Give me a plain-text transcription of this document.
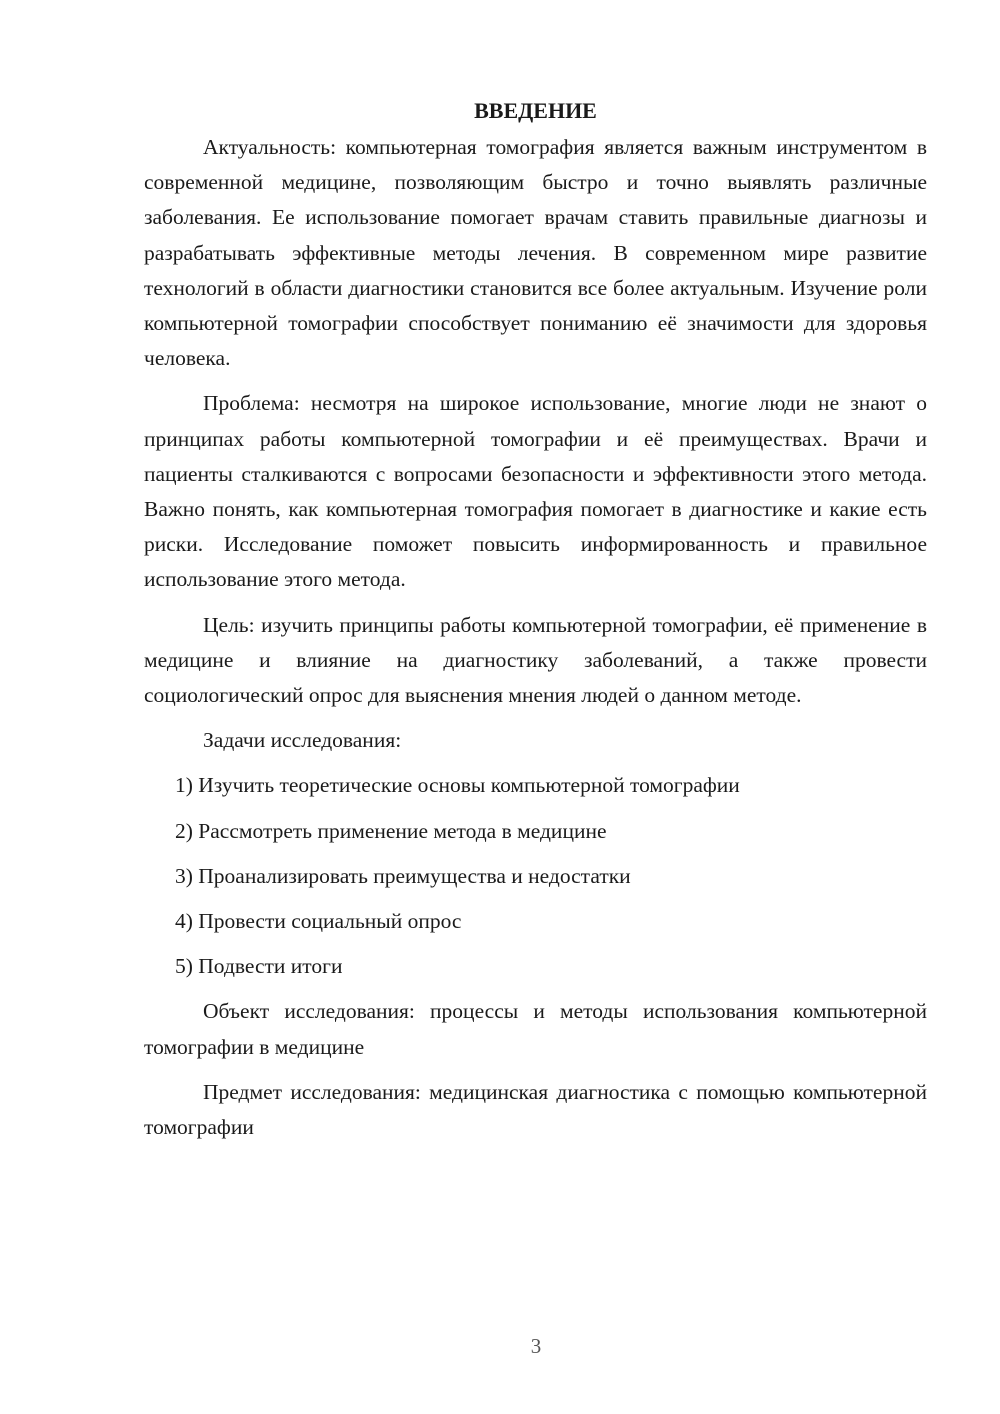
ВВЕДЕНИЕ

Актуальность: компьютерная томография является важным инструментом в современной медицине, позволяющим быстро и точно выявлять различные заболевания. Ее использование помогает врачам ставить правильные диагнозы и разрабатывать эффективные методы лечения. В современном мире развитие технологий в области диагностики становится все более актуальным. Изучение роли компьютерной томографии способствует пониманию её значимости для здоровья человека.

Проблема: несмотря на широкое использование, многие люди не знают о принципах работы компьютерной томографии и её преимуществах. Врачи и пациенты сталкиваются с вопросами безопасности и эффективности этого метода. Важно понять, как компьютерная томография помогает в диагностике и какие есть риски. Исследование поможет повысить информированность и правильное использование этого метода.

Цель: изучить принципы работы компьютерной томографии, её применение в медицине и влияние на диагностику заболеваний, а также провести социологический опрос для выяснения мнения людей о данном методе.

Задачи исследования:

1) Изучить теоретические основы компьютерной томографии
2) Рассмотреть применение метода в медицине
3) Проанализировать преимущества и недостатки
4) Провести социальный опрос
5) Подвести итоги

Объект исследования: процессы и методы использования компьютерной томографии в медицине

Предмет исследования: медицинская диагностика с помощью компьютерной томографии

3
